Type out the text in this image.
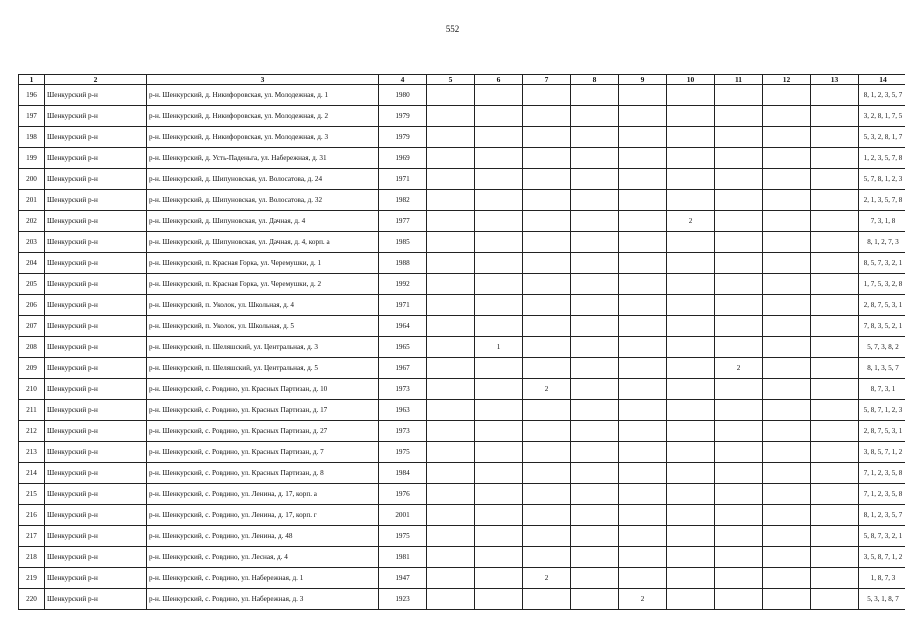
552
1	2	3	4	5	6	7	8	9	10	11	12	13	14
196	Шенкурский р-н	р-н. Шенкурский, д. Никифоровская, ул. Молодежная, д. 1	1980										8, 1, 2, 3, 5, 7
197	Шенкурский р-н	р-н. Шенкурский, д. Никифоровская, ул. Молодежная, д. 2	1979										3, 2, 8, 1, 7, 5
198	Шенкурский р-н	р-н. Шенкурский, д. Никифоровская, ул. Молодежная, д. 3	1979										5, 3, 2, 8, 1, 7
199	Шенкурский р-н	р-н. Шенкурский, д. Усть-Паденьга, ул. Набережная, д. 31	1969										1, 2, 3, 5, 7, 8
200	Шенкурский р-н	р-н. Шенкурский, д. Шипуновская, ул. Волосатова, д. 24	1971										5, 7, 8, 1, 2, 3
201	Шенкурский р-н	р-н. Шенкурский, д. Шипуновская, ул. Волосатова, д. 32	1982										2, 1, 3, 5, 7, 8
202	Шенкурский р-н	р-н. Шенкурский, д. Шипуновская, ул. Дачная, д. 4	1977						2				7, 3, 1, 8
203	Шенкурский р-н	р-н. Шенкурский, д. Шипуновская, ул. Дачная, д. 4, корп. а	1985										8, 1, 2, 7, 3
204	Шенкурский р-н	р-н. Шенкурский, п. Красная Горка, ул. Черемушки, д. 1	1988										8, 5, 7, 3, 2, 1
205	Шенкурский р-н	р-н. Шенкурский, п. Красная Горка, ул. Черемушки, д. 2	1992										1, 7, 5, 3, 2, 8
206	Шенкурский р-н	р-н. Шенкурский, п. Уколок, ул. Школьная, д. 4	1971										2, 8, 7, 5, 3, 1
207	Шенкурский р-н	р-н. Шенкурский, п. Уколок, ул. Школьная, д. 5	1964										7, 8, 3, 5, 2, 1
208	Шенкурский р-н	р-н. Шенкурский, п. Шеляшский, ул. Центральная, д. 3	1965		1								5, 7, 3, 8, 2
209	Шенкурский р-н	р-н. Шенкурский, п. Шеляшский, ул. Центральная, д. 5	1967							2			8, 1, 3, 5, 7
210	Шенкурский р-н	р-н. Шенкурский, с. Ровдино, ул. Красных Партизан, д. 10	1973			2							8, 7, 3, 1
211	Шенкурский р-н	р-н. Шенкурский, с. Ровдино, ул. Красных Партизан, д. 17	1963										5, 8, 7, 1, 2, 3
212	Шенкурский р-н	р-н. Шенкурский, с. Ровдино, ул. Красных Партизан, д. 27	1973										2, 8, 7, 5, 3, 1
213	Шенкурский р-н	р-н. Шенкурский, с. Ровдино, ул. Красных Партизан, д. 7	1975										3, 8, 5, 7, 1, 2
214	Шенкурский р-н	р-н. Шенкурский, с. Ровдино, ул. Красных Партизан, д. 8	1984										7, 1, 2, 3, 5, 8
215	Шенкурский р-н	р-н. Шенкурский, с. Ровдино, ул. Ленина, д. 17, корп. а	1976										7, 1, 2, 3, 5, 8
216	Шенкурский р-н	р-н. Шенкурский, с. Ровдино, ул. Ленина, д. 17, корп. г	2001										8, 1, 2, 3, 5, 7
217	Шенкурский р-н	р-н. Шенкурский, с. Ровдино, ул. Ленина, д. 48	1975										5, 8, 7, 3, 2, 1
218	Шенкурский р-н	р-н. Шенкурский, с. Ровдино, ул. Лесная, д. 4	1981										3, 5, 8, 7, 1, 2
219	Шенкурский р-н	р-н. Шенкурский, с. Ровдино, ул. Набережная, д. 1	1947			2							1, 8, 7, 3
220	Шенкурский р-н	р-н. Шенкурский, с. Ровдино, ул. Набережная, д. 3	1923					2					5, 3, 1, 8, 7
